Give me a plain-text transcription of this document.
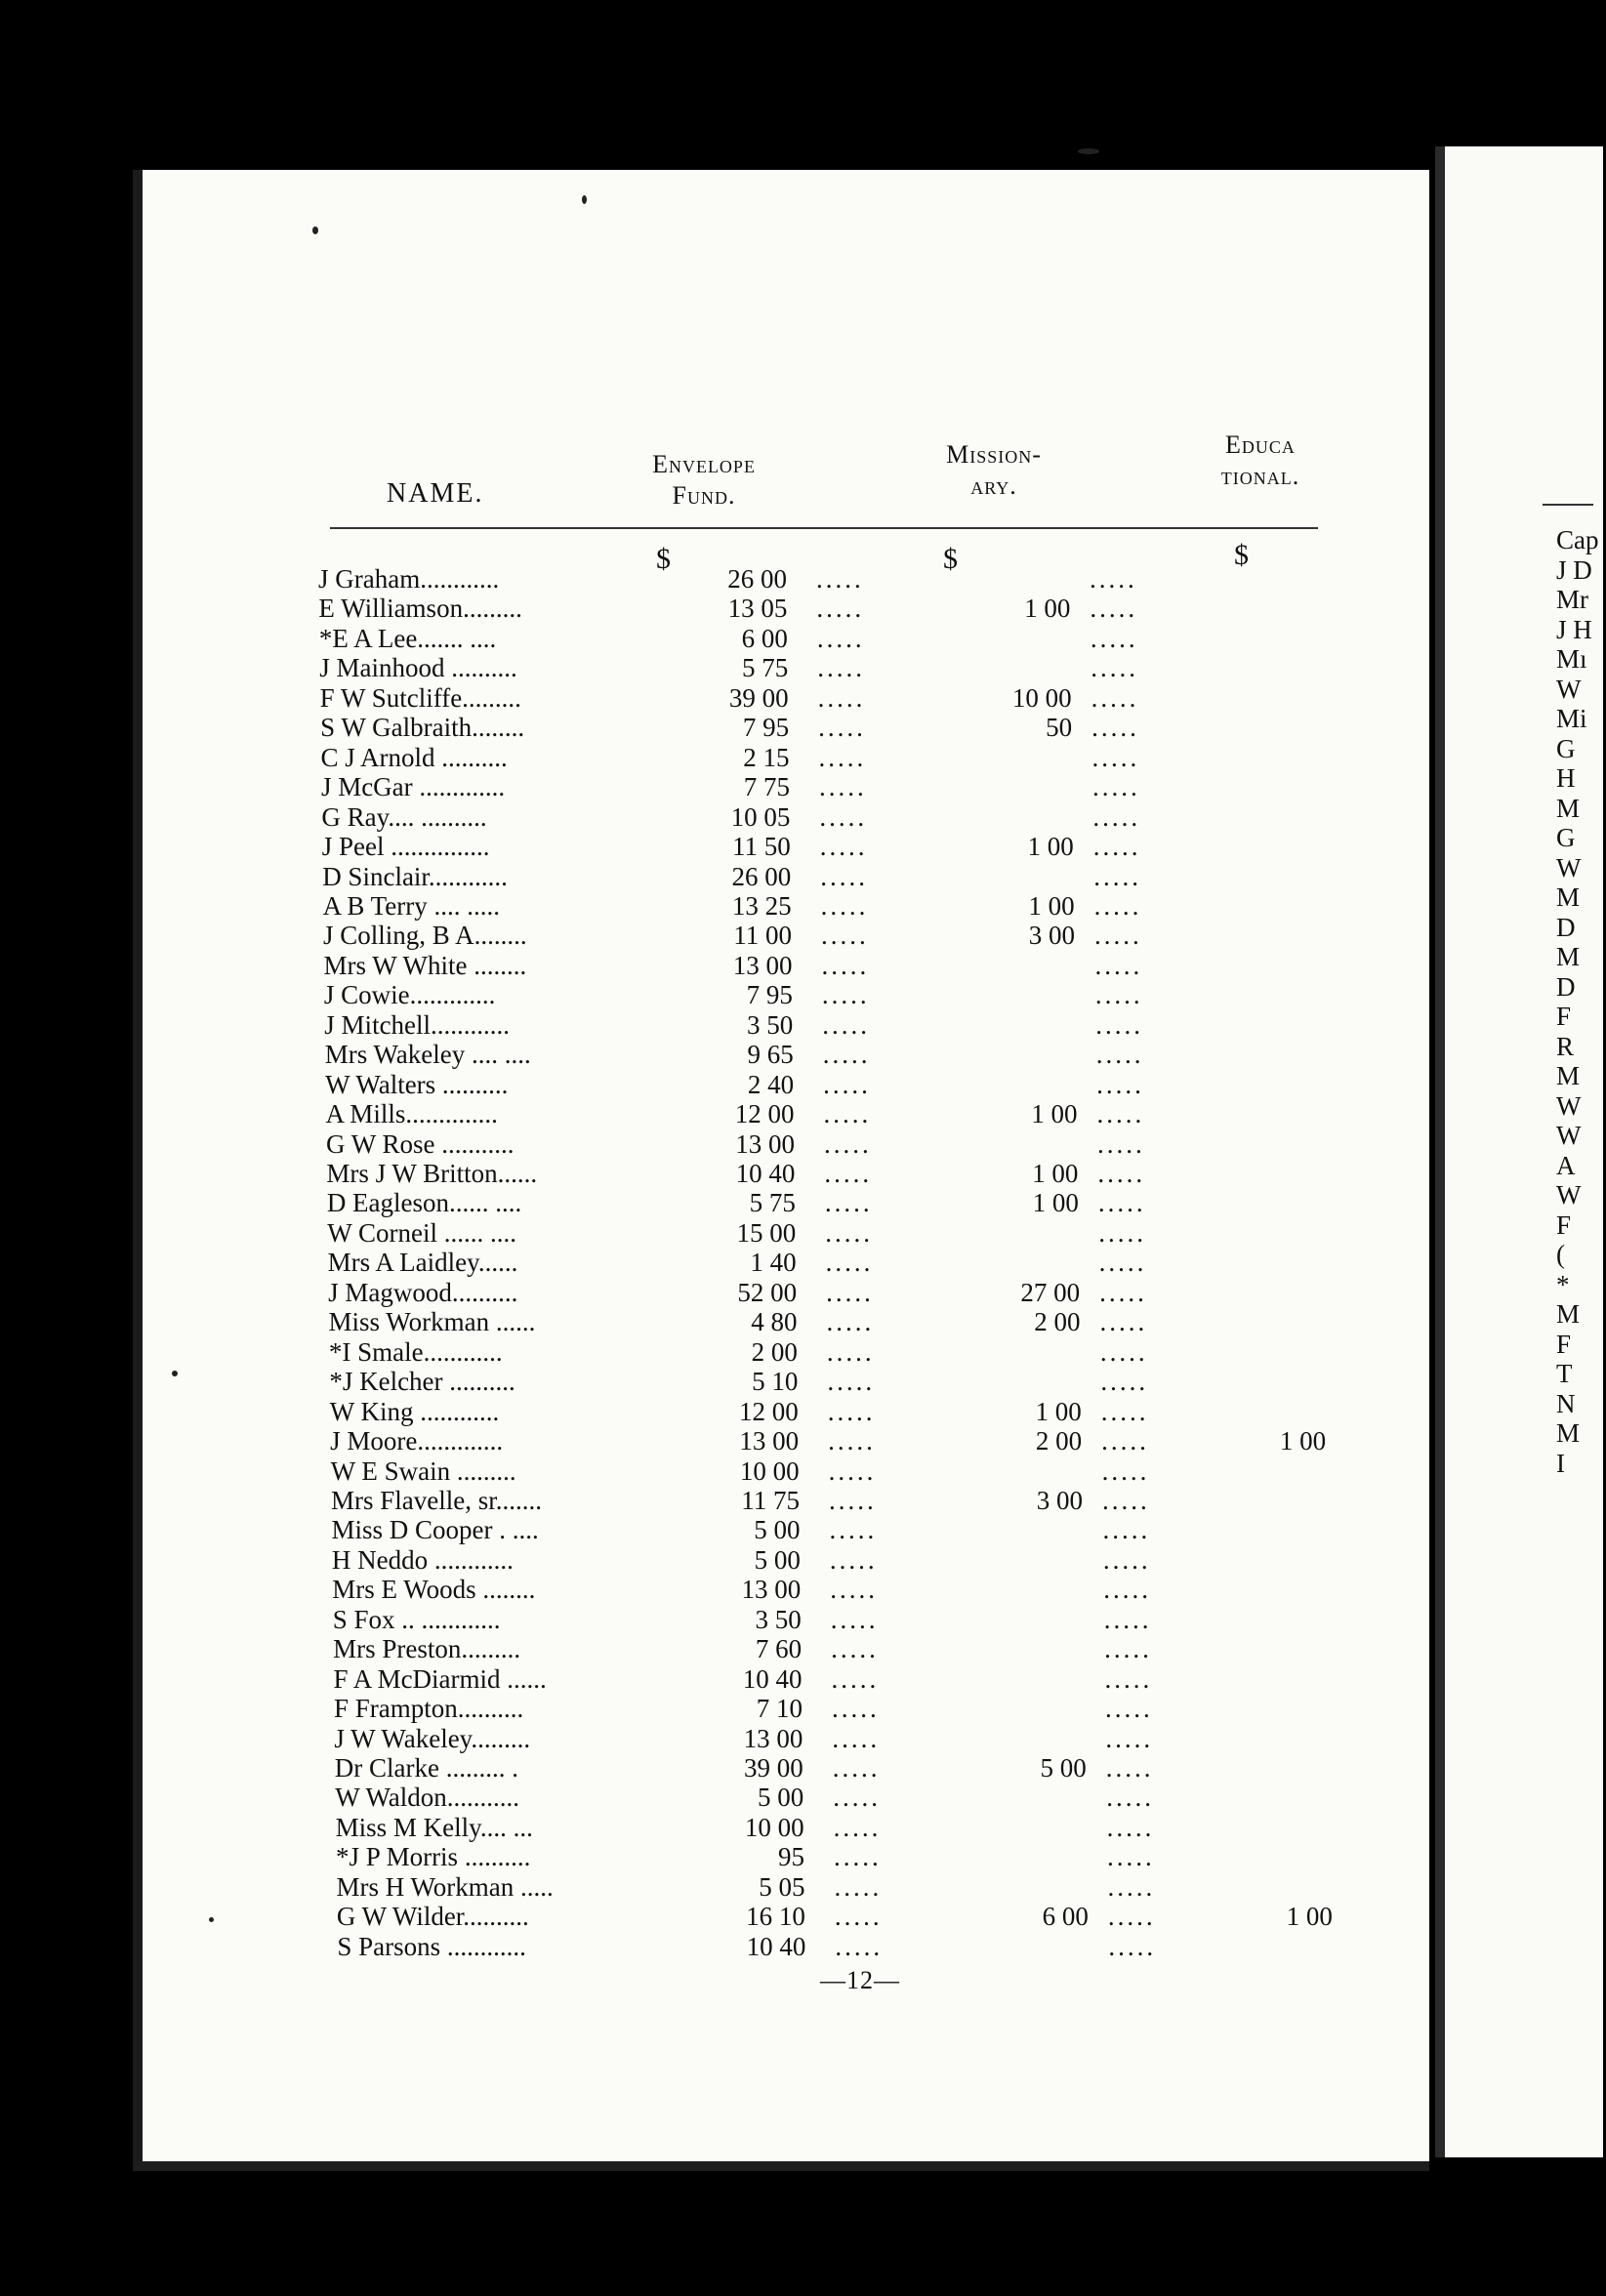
NAME.
Envelope
Fund.
Mission-
ary.
Educa
tional.
$	$	$
J Graham............	26 00 .....	.....
E Williamson.........	13 05 .....	1 00 .....
*E A Lee....... ....	6 00 .....	.....
J Mainhood ..........	5 75 .....	.....
F W Sutcliffe.........	39 00 .....	10 00 .....
S W Galbraith........	7 95 .....	50 .....
C J Arnold ..........	2 15 .....	.....
J McGar .............	7 75 .....	.....
G Ray.... ..........	10 05 .....	.....
J Peel ...............	11 50 .....	1 00 .....
D Sinclair............	26 00 .....	.....
A B Terry .... .....	13 25 .....	1 00 .....
J Colling, B A........	11 00 .....	3 00 .....
Mrs W White ........	13 00 .....	.....
J Cowie.............	7 95 .....	.....
J Mitchell............	3 50 .....	.....
Mrs Wakeley .... ....	9 65 .....	.....
W Walters ..........	2 40 .....	.....
A Mills..............	12 00 .....	1 00 .....
G W Rose ...........	13 00 .....	.....
Mrs J W Britton......	10 40 .....	1 00 .....
D Eagleson...... ....	5 75 .....	1 00 .....
W Corneil ...... ....	15 00 .....	.....
Mrs A Laidley......	1 40 .....	.....
J Magwood..........	52 00 .....	27 00 .....
Miss Workman ......	4 80 .....	2 00 .....
*I Smale............	2 00 .....	.....
*J Kelcher ..........	5 10 .....	.....
W King ............	12 00 .....	1 00 .....
J Moore.............	13 00 .....	2 00 .....	1 00
W E Swain .........	10 00 .....	.....
Mrs Flavelle, sr.......	11 75 .....	3 00 .....
Miss D Cooper . ....	5 00 .....	.....
H Neddo ............	5 00 .....	.....
Mrs E Woods ........	13 00 .....	.....
S Fox .. ............	3 50 .....	.....
Mrs Preston.........	7 60 .....	.....
F A McDiarmid ......	10 40 .....	.....
F Frampton..........	7 10 .....	.....
J W Wakeley.........	13 00 .....	.....
Dr Clarke ......... .	39 00 .....	5 00 .....
W Waldon...........	5 00 .....	.....
Miss M Kelly.... ...	10 00 .....	.....
*J P Morris ..........	95 .....	.....
Mrs H Workman .....	5 05 .....	.....
G W Wilder..........	16 10 .....	6 00 .....	1 00
S Parsons ............	10 40 .....	.....
—12—
Cap
J D
Mr
J H
Mı
W
Mi
G
H
M
G
W
M
D
M
D
F
R
M
W
W
A
W
F
(
*
M
F
T
N
M
I
